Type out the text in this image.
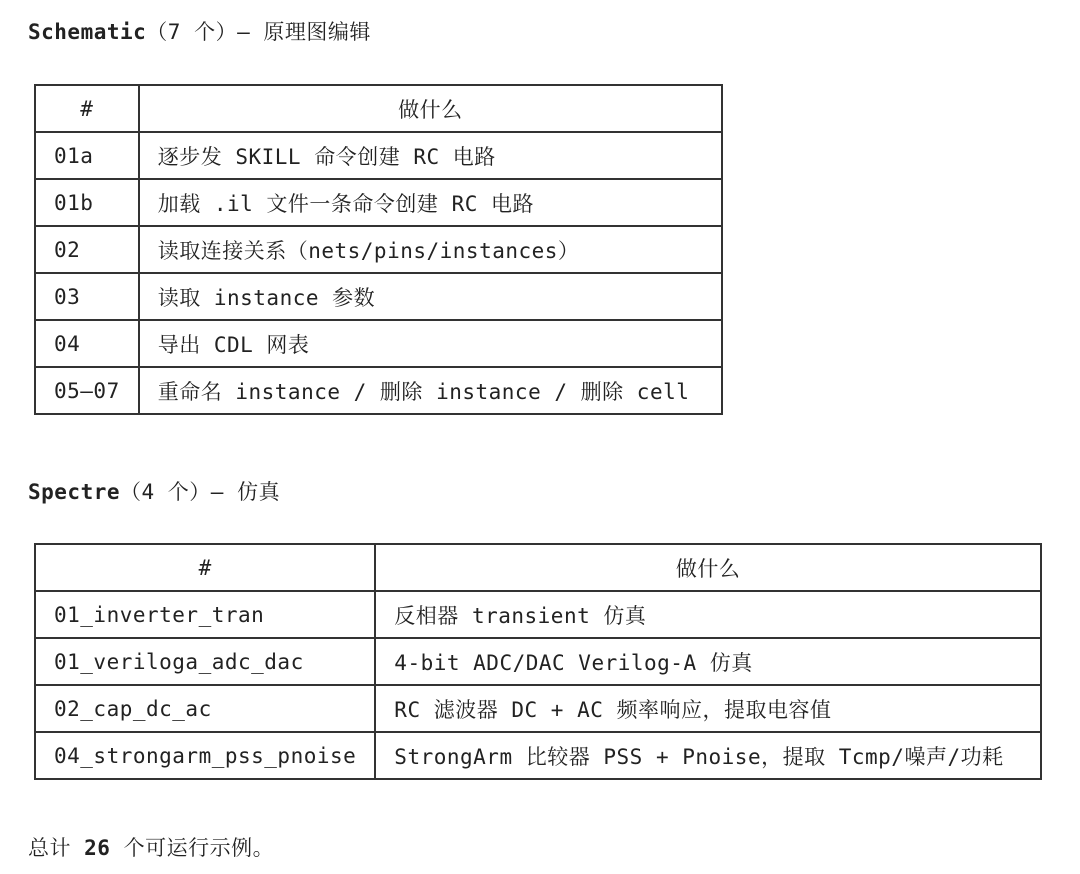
Schematic（7 个）— 原理图编辑
#	做什么
01a	逐步发 SKILL 命令创建 RC 电路
01b	加载 .il 文件一条命令创建 RC 电路
02	读取连接关系（nets/pins/instances）
03	读取 instance 参数
04	导出 CDL 网表
05–07	重命名 instance / 删除 instance / 删除 cell
Spectre（4 个）— 仿真
#	做什么
01_inverter_tran	反相器 transient 仿真
01_veriloga_adc_dac	4-bit ADC/DAC Verilog-A 仿真
02_cap_dc_ac	RC 滤波器 DC + AC 频率响应，提取电容值
04_strongarm_pss_pnoise	StrongArm 比较器 PSS + Pnoise，提取 Tcmp/噪声/功耗
总计 26 个可运行示例。
